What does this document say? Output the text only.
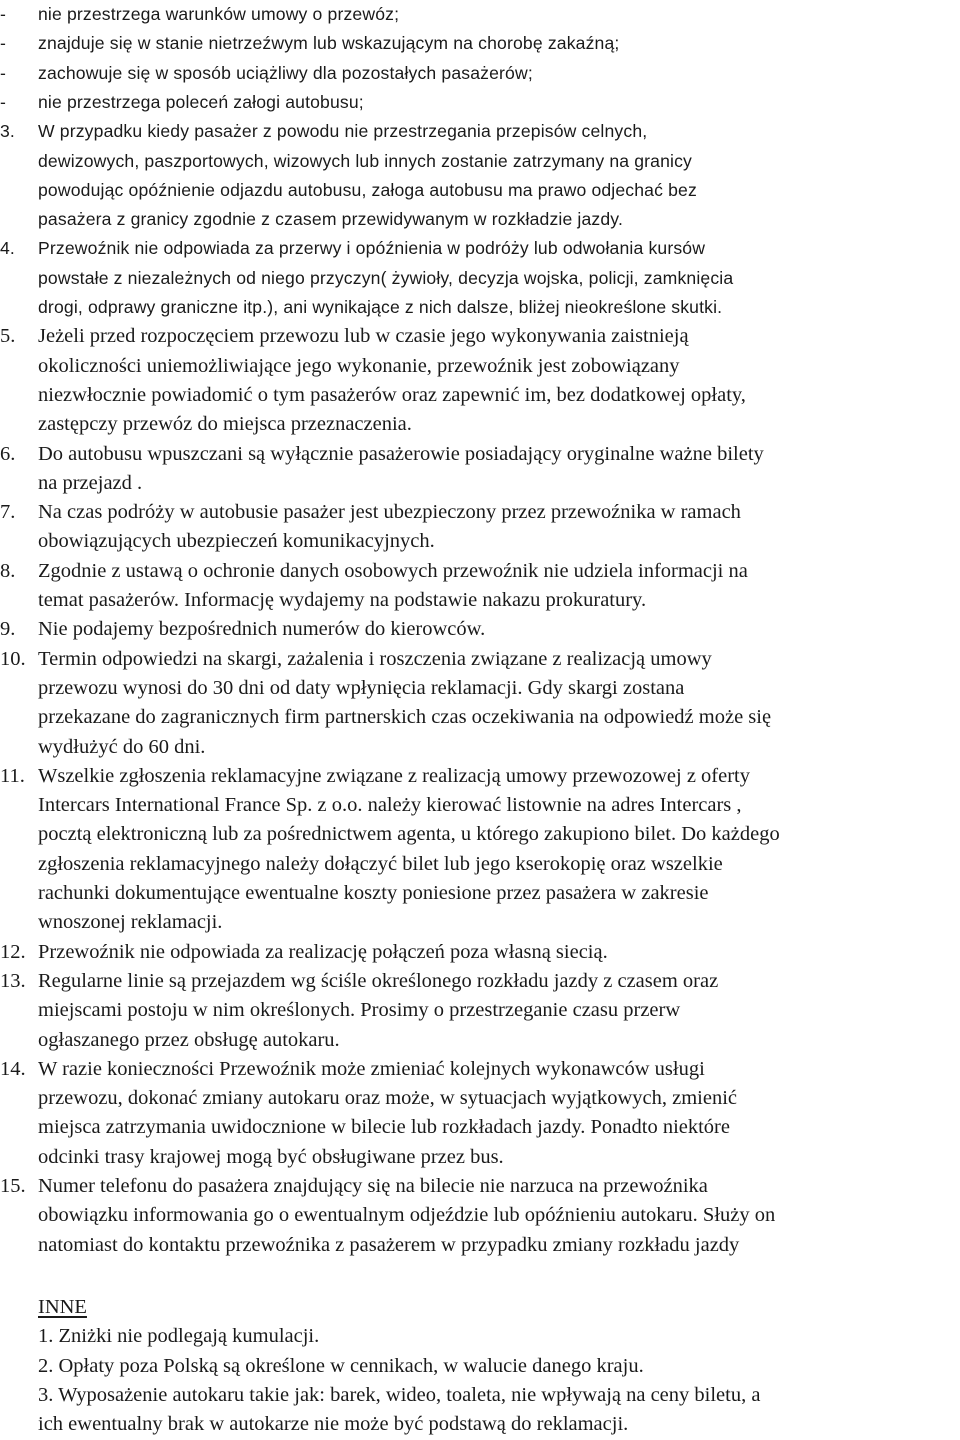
- nie przestrzega warunków umowy o przewóz;
- znajduje się w stanie nietrzeźwym lub wskazującym na chorobę zakaźną;
- zachowuje się w sposób uciążliwy dla pozostałych pasażerów;
- nie przestrzega poleceń załogi autobusu;
3. W przypadku kiedy pasażer z powodu nie przestrzegania przepisów celnych,
dewizowych, paszportowych, wizowych lub innych zostanie zatrzymany na granicy
powodując opóźnienie odjazdu autobusu, załoga autobusu ma prawo odjechać bez
pasażera z granicy zgodnie z czasem przewidywanym w rozkładzie jazdy.
4. Przewoźnik nie odpowiada za przerwy i opóźnienia w podróży lub odwołania kursów
powstałe z niezależnych od niego przyczyn( żywioły, decyzja wojska, policji, zamknięcia
drogi, odprawy graniczne itp.), ani wynikające z nich dalsze, bliżej nieokreślone skutki.
5. Jeżeli przed rozpoczęciem przewozu lub w czasie jego wykonywania zaistnieją
okoliczności uniemożliwiające jego wykonanie, przewoźnik jest zobowiązany
niezwłocznie powiadomić o tym pasażerów oraz zapewnić im, bez dodatkowej opłaty,
zastępczy przewóz do miejsca przeznaczenia.
6. Do autobusu wpuszczani są wyłącznie pasażerowie posiadający oryginalne ważne bilety
na przejazd .
7. Na czas podróży w autobusie pasażer jest ubezpieczony przez przewoźnika w ramach
obowiązujących ubezpieczeń komunikacyjnych.
8. Zgodnie z ustawą o ochronie danych osobowych przewoźnik nie udziela informacji na
temat pasażerów. Informację wydajemy na podstawie nakazu prokuratury.
9. Nie podajemy bezpośrednich numerów do kierowców.
10. Termin odpowiedzi na skargi, zażalenia i roszczenia związane z realizacją umowy
przewozu wynosi do 30 dni od daty wpłynięcia reklamacji. Gdy skargi zostana
przekazane do zagranicznych firm partnerskich czas oczekiwania na odpowiedź może się
wydłużyć do 60 dni.
11. Wszelkie zgłoszenia reklamacyjne związane z realizacją umowy przewozowej z oferty
Intercars International France Sp. z o.o. należy kierować listownie na adres Intercars ,
pocztą elektroniczną lub za pośrednictwem agenta, u którego zakupiono bilet. Do każdego
zgłoszenia reklamacyjnego należy dołączyć bilet lub jego kserokopię oraz wszelkie
rachunki dokumentujące ewentualne koszty poniesione przez pasażera w zakresie
wnoszonej reklamacji.
12. Przewoźnik nie odpowiada za realizację połączeń poza własną siecią.
13. Regularne linie są przejazdem wg ściśle określonego rozkładu jazdy z czasem oraz
miejscami postoju w nim określonych. Prosimy o przestrzeganie czasu przerw
ogłaszanego przez obsługę autokaru.
14. W razie konieczności Przewoźnik może zmieniać kolejnych wykonawców usługi
przewozu, dokonać zmiany autokaru oraz może, w sytuacjach wyjątkowych, zmienić
miejsca zatrzymania uwidocznione w bilecie lub rozkładach jazdy. Ponadto niektóre
odcinki trasy krajowej mogą być obsługiwane przez bus.
15. Numer telefonu do pasażera znajdujący się na bilecie nie narzuca na przewoźnika
obowiązku informowania go o ewentualnym odjeździe lub opóźnieniu autokaru. Służy on
natomiast do kontaktu przewoźnika z pasażerem w przypadku zmiany rozkładu jazdy
INNE
1. Zniżki nie podlegają kumulacji.
2. Opłaty poza Polską są określone w cennikach, w walucie danego kraju.
3. Wyposażenie autokaru takie jak: barek, wideo, toaleta, nie wpływają na ceny biletu, a
ich ewentualny brak w autokarze nie może być podstawą do reklamacji.
